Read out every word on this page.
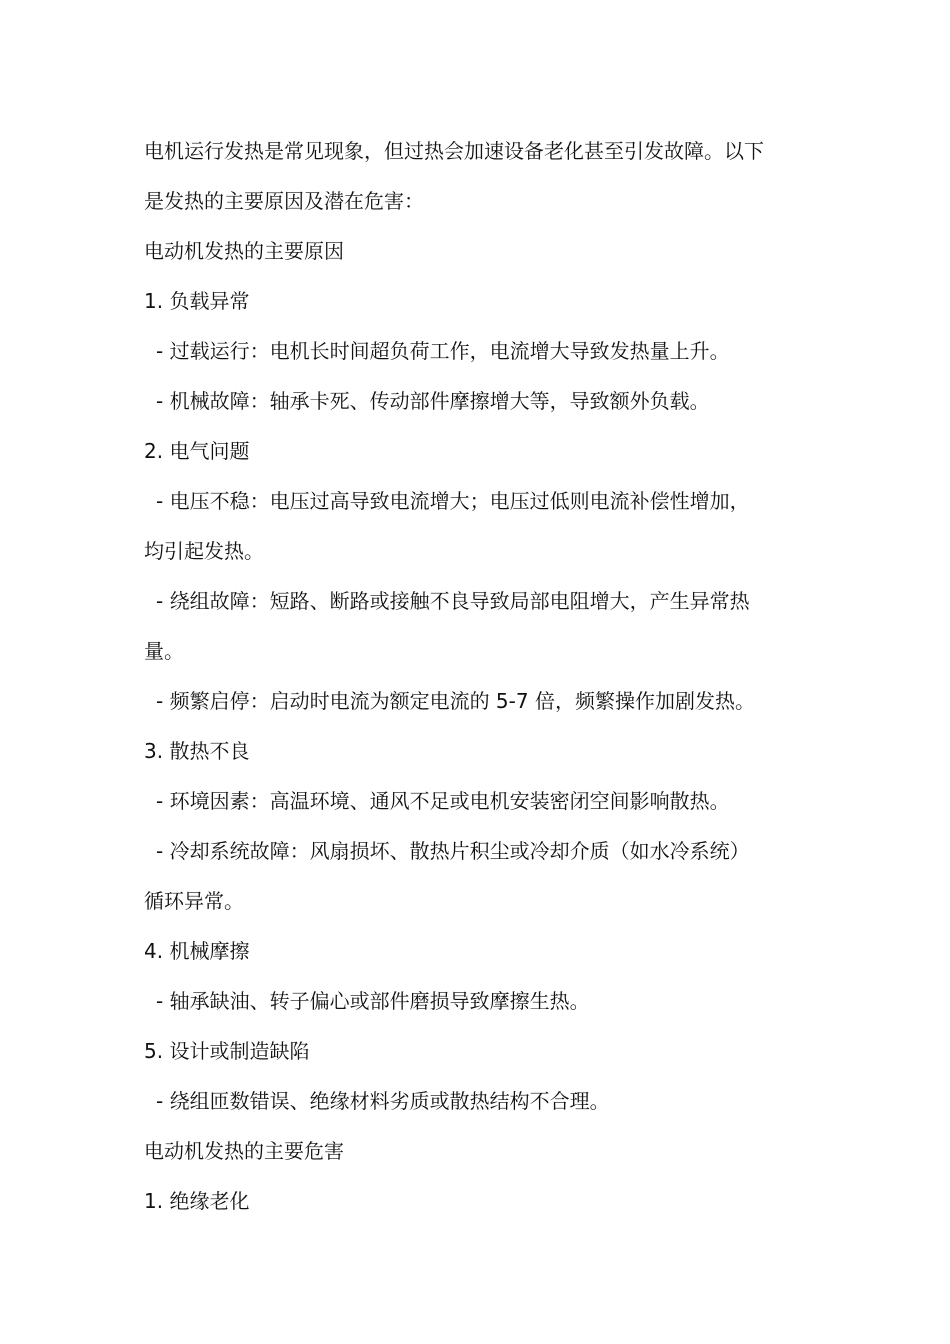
电机运行发热是常见现象，但过热会加速设备老化甚至引发故障。以下
是发热的主要原因及潜在危害：
电动机发热的主要原因
1. 负载异常
- 过载运行：电机长时间超负荷工作，电流增大导致发热量上升。
- 机械故障：轴承卡死、传动部件摩擦增大等，导致额外负载。
2. 电气问题
- 电压不稳：电压过高导致电流增大；电压过低则电流补偿性增加，
均引起发热。
- 绕组故障：短路、断路或接触不良导致局部电阻增大，产生异常热
量。
- 频繁启停：启动时电流为额定电流的 5-7 倍，频繁操作加剧发热。
3. 散热不良
- 环境因素：高温环境、通风不足或电机安装密闭空间影响散热。
- 冷却系统故障：风扇损坏、散热片积尘或冷却介质（如水冷系统）
循环异常。
4. 机械摩擦
- 轴承缺油、转子偏心或部件磨损导致摩擦生热。
5. 设计或制造缺陷
- 绕组匝数错误、绝缘材料劣质或散热结构不合理。
电动机发热的主要危害
1. 绝缘老化
